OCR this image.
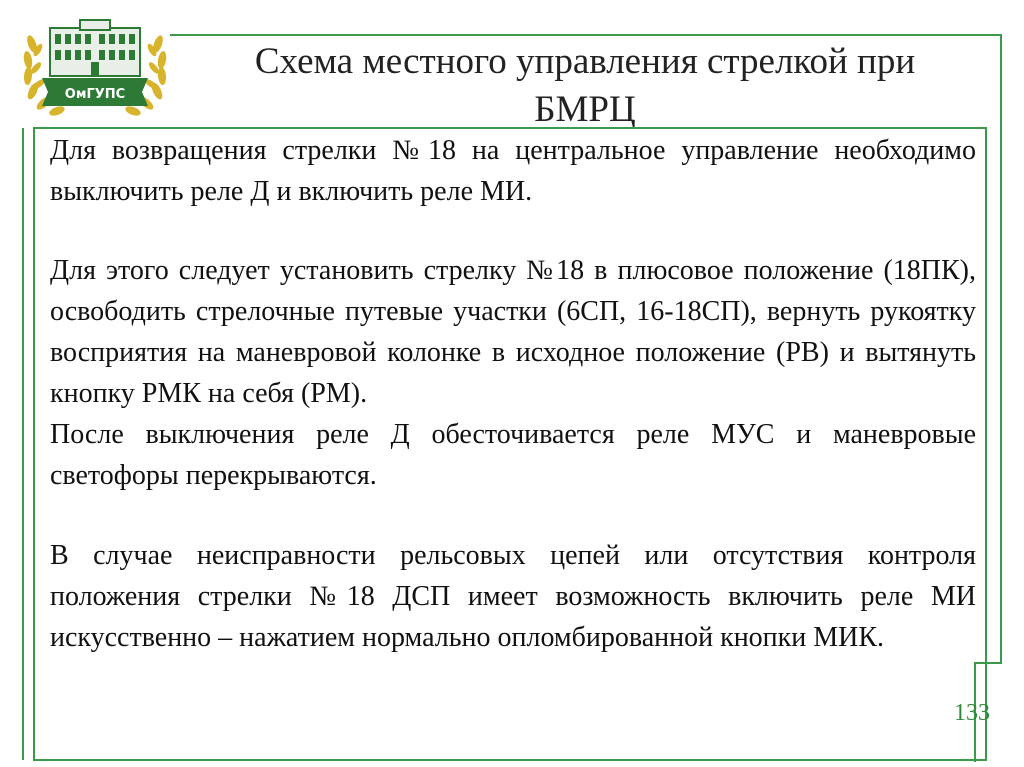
ОмГУПС
Схема местного управления стрелкой при БМРЦ

Для возвращения стрелки №18 на центральное управление необходимо выключить реле Д и включить реле МИ.

Для этого следует установить стрелку №18 в плюсовое положение (18ПК), освободить стрелочные путевые участки (6СП, 16-18СП), вернуть рукоятку восприятия на маневровой колонке в исходное положение (РВ) и вытянуть кнопку РМК на себя (РМ).

После выключения реле Д обесточивается реле МУС и маневровые светофоры перекрываются.

В случае неисправности рельсовых цепей или отсутствия контроля положения стрелки №18 ДСП имеет возможность включить реле МИ искусственно – нажатием нормально опломбированной кнопки МИК.

133
